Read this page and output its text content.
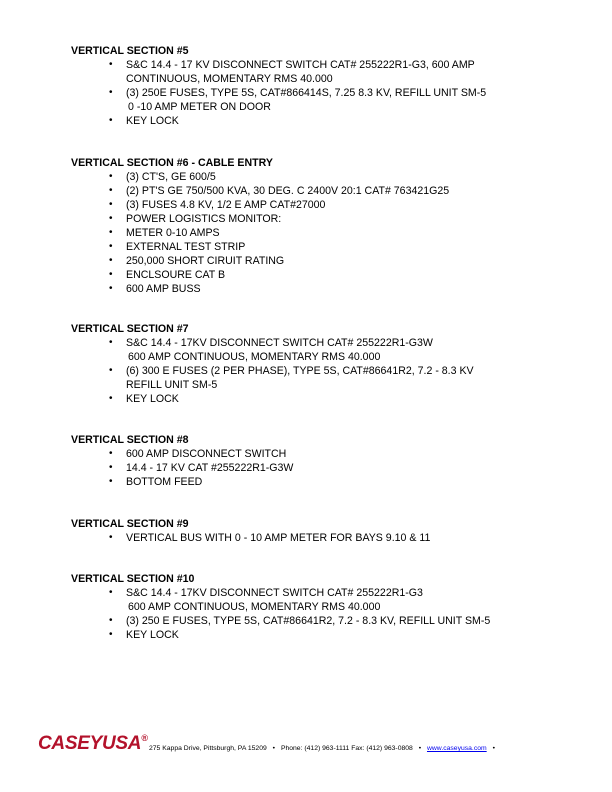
VERTICAL SECTION #5
•	S&C 14.4 - 17 KV DISCONNECT SWITCH CAT# 255222R1-G3, 600 AMP
CONTINUOUS, MOMENTARY RMS 40.000
•	(3) 250E FUSES, TYPE 5S, CAT#866414S, 7.25 8.3 KV, REFILL UNIT SM-5
0 -10 AMP METER ON DOOR
•	KEY LOCK
VERTICAL SECTION #6 - CABLE ENTRY
•	(3) CT'S, GE 600/5
•	(2) PT'S GE 750/500 KVA, 30 DEG. C 2400V 20:1 CAT# 763421G25
•	(3) FUSES 4.8 KV, 1/2 E AMP CAT#27000
•	POWER LOGISTICS MONITOR:
•	METER 0-10 AMPS
•	EXTERNAL TEST STRIP
•	250,000 SHORT CIRUIT RATING
•	ENCLSOURE CAT B
•	600 AMP BUSS
VERTICAL SECTION #7
•	S&C 14.4 - 17KV DISCONNECT SWITCH CAT# 255222R1-G3W
600 AMP CONTINUOUS, MOMENTARY RMS 40.000
•	(6) 300 E FUSES (2 PER PHASE), TYPE 5S, CAT#86641R2, 7.2 - 8.3 KV
REFILL UNIT SM-5
•	KEY LOCK
VERTICAL SECTION #8
•	600 AMP DISCONNECT SWITCH
•	14.4 - 17 KV CAT #255222R1-G3W
•	BOTTOM FEED
VERTICAL SECTION #9
•	VERTICAL BUS WITH 0 - 10 AMP METER FOR BAYS 9.10 & 11
VERTICAL SECTION #10
•	S&C 14.4 - 17KV DISCONNECT SWITCH CAT# 255222R1-G3
600 AMP CONTINUOUS, MOMENTARY RMS 40.000
•	(3) 250 E FUSES, TYPE 5S, CAT#86641R2, 7.2 - 8.3 KV, REFILL UNIT SM-5
•	KEY LOCK
CASEYUSA®
275 Kappa Drive, Pittsburgh, PA 15209 • Phone: (412) 963-1111 Fax: (412) 963-0808 • www.caseyusa.com •
